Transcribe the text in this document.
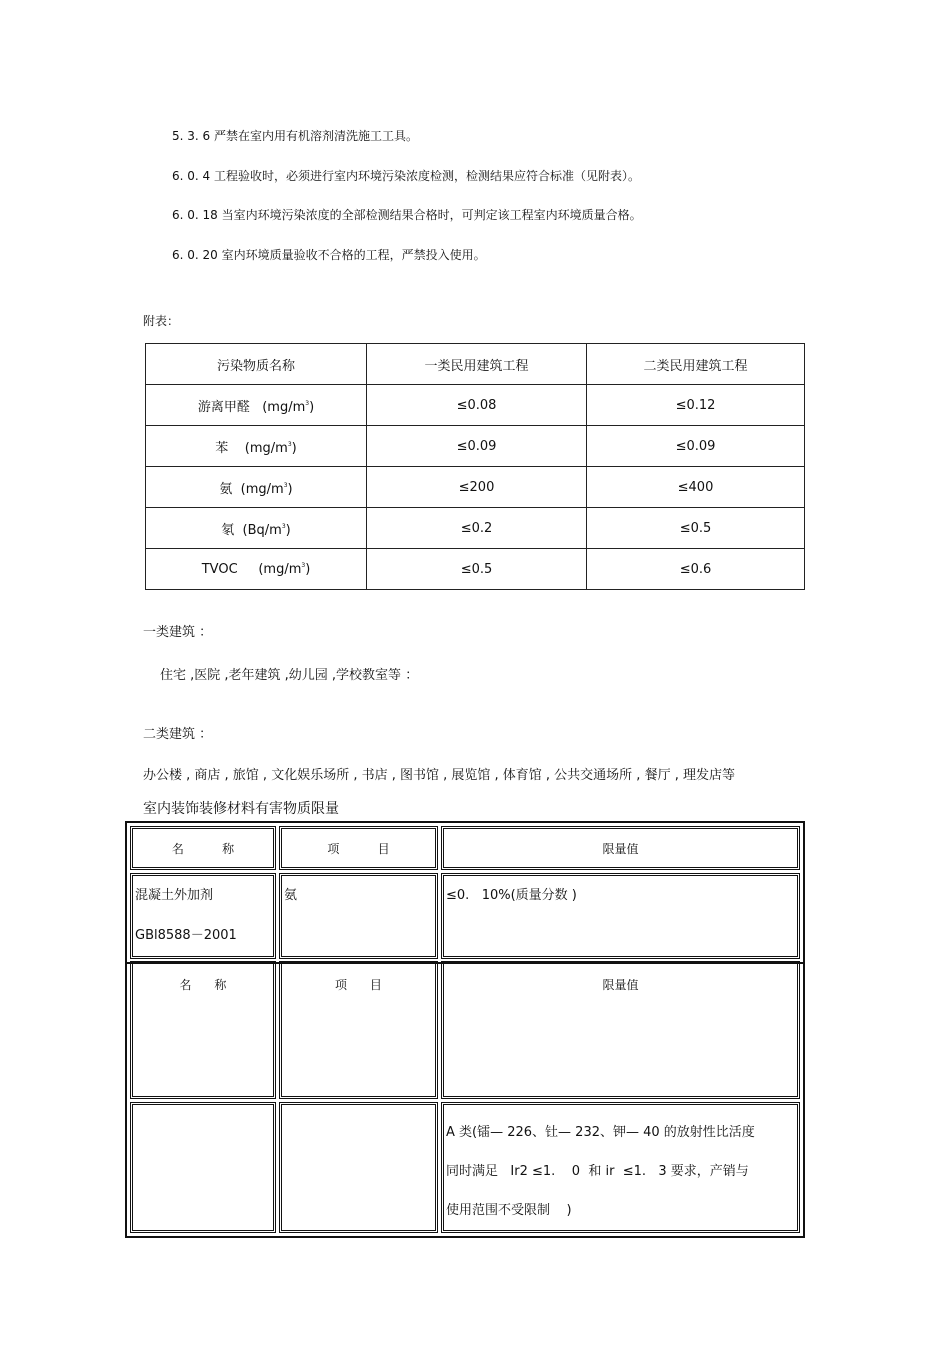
5. 3. 6 严禁在室内用有机溶剂清洗施工工具。
6. 0. 4 工程验收时，必须进行室内环境污染浓度检测，检测结果应符合标准（见附表）。
6. 0. 18 当室内环境污染浓度的全部检测结果合格时，可判定该工程室内环境质量合格。
6. 0. 20 室内环境质量验收不合格的工程，严禁投入使用。
附表：
污染物质名称	一类民用建筑工程	二类民用建筑工程
游离甲醛 $(mg/m^3)$	≤0.08	≤0.12
苯 $(mg/m^3)$	≤0.09	≤0.09
氨 $(mg/m^3)$	≤200	≤400
氡 $(Bq/m^3)$	≤0.2	≤0.5
TVOC $(mg/m^3)$	≤0.5	≤0.6
一类建筑 ：
住宅 ,医院 ,老年建筑 ,幼儿园 ,学校教室等 ：
二类建筑 ：
办公楼 , 商店 , 旅馆 , 文化娱乐场所 , 书店 , 图书馆 , 展览馆 , 体育馆 , 公共交通场所 , 餐厅 , 理发店等
室内装饰装修材料有害物质限量
名          称	项          目	限量值

混凝土外加剂
GBl8588－2001	氨	≤0.   10%(质量分数 )
名      称	项      目	限量值

		A 类(镭— 226、钍— 232、钾— 40 的放射性比活度
同时满足   Ir2 ≤1.    0  和 ir  ≤1.   3 要求，产销与
使用范围不受限制    )
